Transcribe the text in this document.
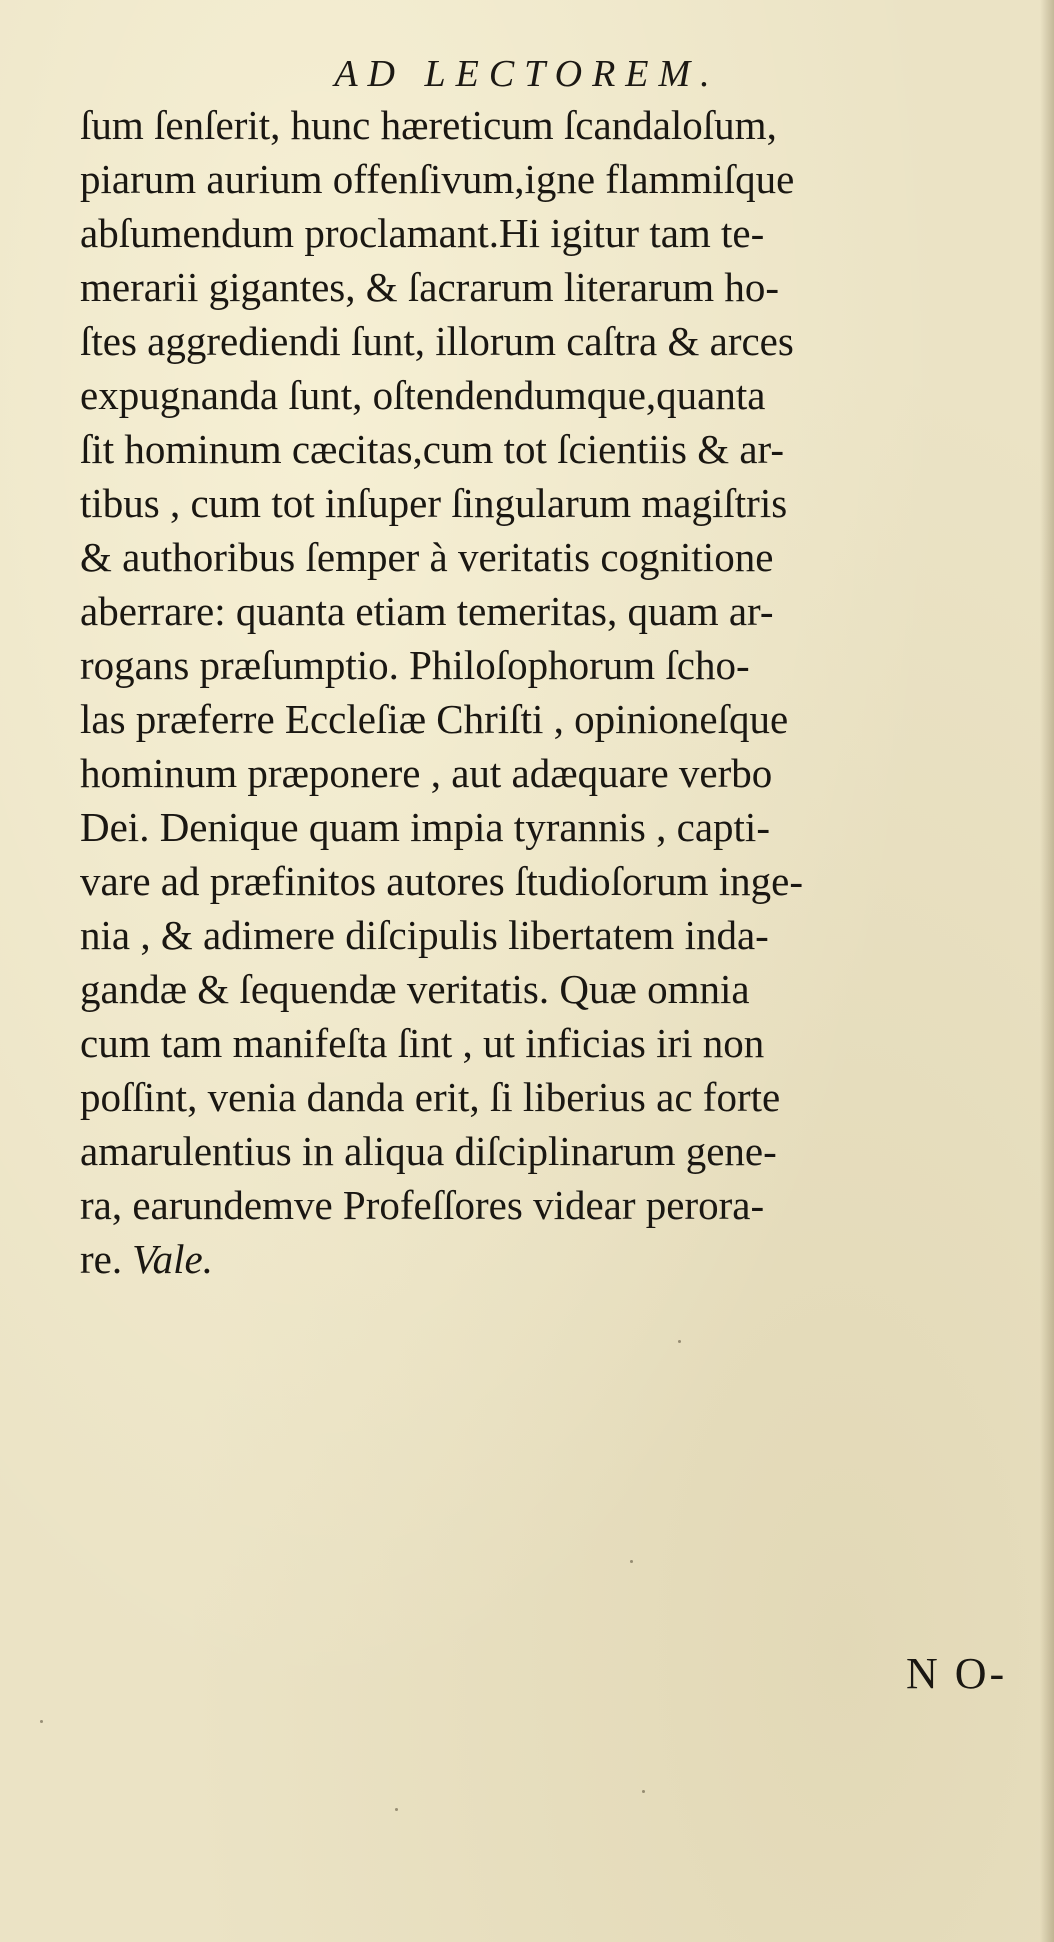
AD LECTOREM.
ſum ſenſerit, hunc hæreticum ſcandaloſum,
piarum aurium offenſivum,igne flammiſque
abſumendum proclamant.Hi igitur tam te-
merarii gigantes, & ſacrarum literarum ho-
ſtes aggrediendi ſunt, illorum caſtra & arces
expugnanda ſunt, oſtendendumque,quanta
ſit hominum cæcitas,cum tot ſcientiis & ar-
tibus , cum tot inſuper ſingularum magiſtris
& authoribus ſemper à veritatis cognitione
aberrare: quanta etiam temeritas, quam ar-
rogans præſumptio. Philoſophorum ſcho-
las præferre Eccleſiæ Chriſti , opinioneſque
hominum præponere , aut adæquare verbo
Dei. Denique quam impia tyrannis , capti-
vare ad præfinitos autores ſtudioſorum inge-
nia , & adimere diſcipulis libertatem inda-
gandæ & ſequendæ veritatis. Quæ omnia
cum tam manifeſta ſint , ut inficias iri non
poſſint, venia danda erit, ſi liberius ac forte
amarulentius in aliqua diſciplinarum gene-
ra, earundemve Profeſſores videar perora-
re. Vale.
N O-
